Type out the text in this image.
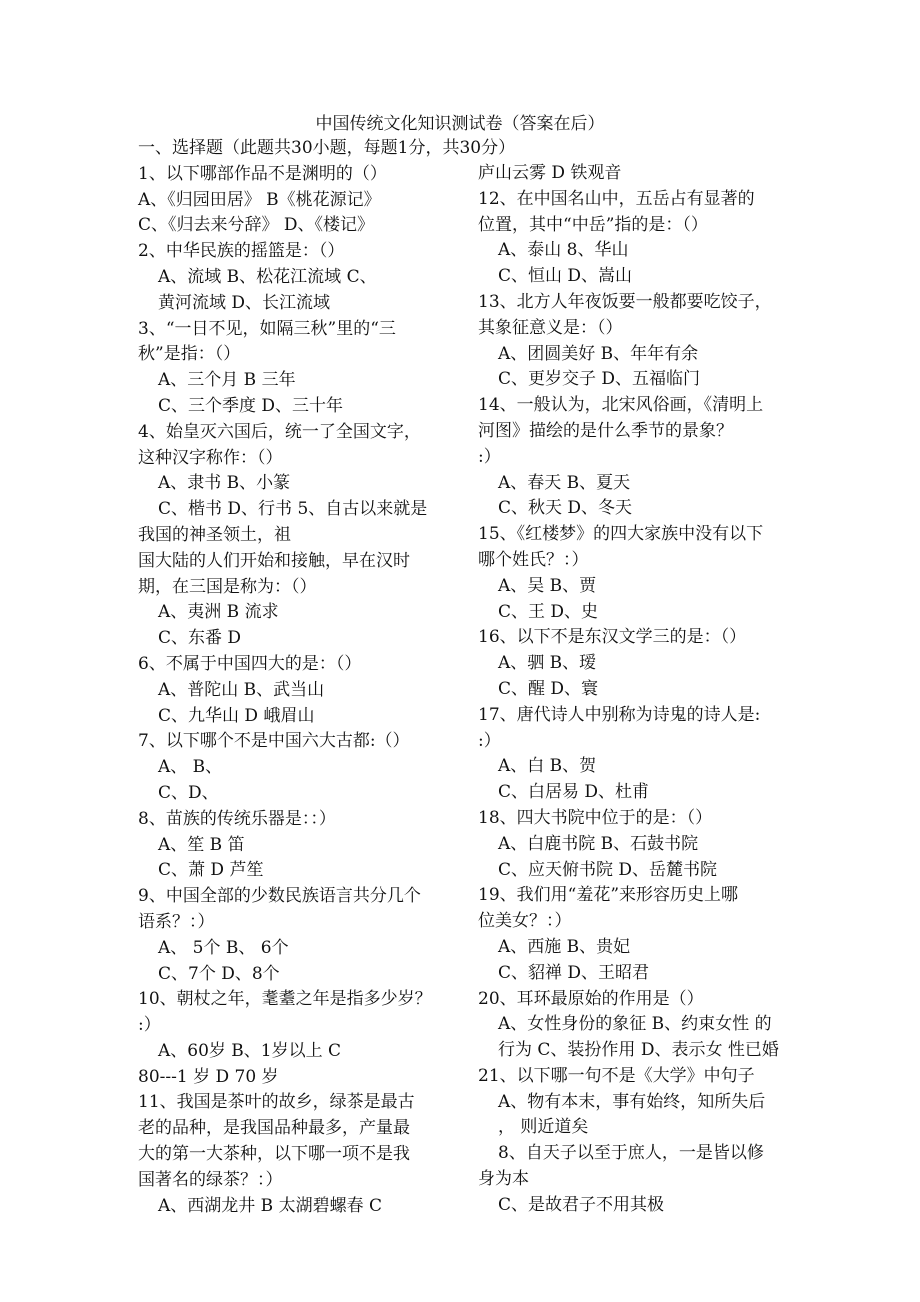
中国传统文化知识测试卷（答案在后）
一、选择题（此题共30小题，每题1分，共30分）
1、以下哪部作品不是渊明的（）
A、《归园田居》 B《桃花源记》
C、《归去来兮辞》 D、《楼记》
2、中华民族的摇篮是：（）
A、流域 B、松花江流域 C、
黄河流域 D、长江流域
3、“一日不见，如隔三秋”里的“三
秋”是指：（）
A、三个月 B 三年
C、三个季度 D、三十年
4、始皇灭六国后，统一了全国文字，
这种汉字称作：（）
A、隶书 B、小篆
C、楷书 D、行书 5、自古以来就是
我国的神圣领土，祖
国大陆的人们开始和接触，早在汉时
期，在三国是称为：（）
A、夷洲 B 流求
C、东番 D
6、不属于中国四大的是：（）
A、普陀山 B、武当山
C、九华山 D 峨眉山
7、以下哪个不是中国六大古都:（）
A、 B、
C、D、
8、苗族的传统乐器是：：）
A、笙 B 笛
C、萧 D 芦笙
9、中国全部的少数民族语言共分几个
语系？：）
A、 5个 B、 6个
C、7个 D、8个
10、朝杖之年，耄耋之年是指多少岁？
:）
A、60岁 B、1岁以上 C
80---1 岁 D 70 岁
11、我国是茶叶的故乡，绿茶是最古
老的品种，是我国品种最多，产量最
大的第一大茶种，以下哪一项不是我
国著名的绿茶？：）
A、西湖龙井 B 太湖碧螺春 C
庐山云雾 D 铁观音
12、在中国名山中，五岳占有显著的
位置，其中“中岳”指的是：（）
A、泰山 8、华山
C、恒山 D、嵩山
13、北方人年夜饭要一般都要吃饺子，
其象征意义是：（）
A、团圆美好 B、年年有余
C、更岁交子 D、五福临门
14、一般认为，北宋风俗画，《清明上
河图》描绘的是什么季节的景象？
:）
A、春天 B、夏天
C、秋天 D、冬天
15、《红楼梦》的四大家族中没有以下
哪个姓氏？：）
A、吴 B、贾
C、王 D、史
16、以下不是东汉文学三的是：（）
A、驷 B、瑷
C、醒 D、寰
17、唐代诗人中别称为诗鬼的诗人是:
:）
A、白 B、贺
C、白居易 D、杜甫
18、四大书院中位于的是：（）
A、白鹿书院 B、石鼓书院
C、应天俯书院 D、岳麓书院
19、我们用“羞花”来形容历史上哪
位美女？：）
A、西施 B、贵妃
C、貂禅 D、王昭君
20、耳环最原始的作用是（）
A、女性身份的象征 B、约束女性 的
行为 C、装扮作用 D、表示女 性已婚
21、以下哪一句不是《大学》中句子
A、物有本末，事有始终，知所失后
， 则近道矣
8、自天子以至于庶人，一是皆以修
身为本
C、是故君子不用其极
